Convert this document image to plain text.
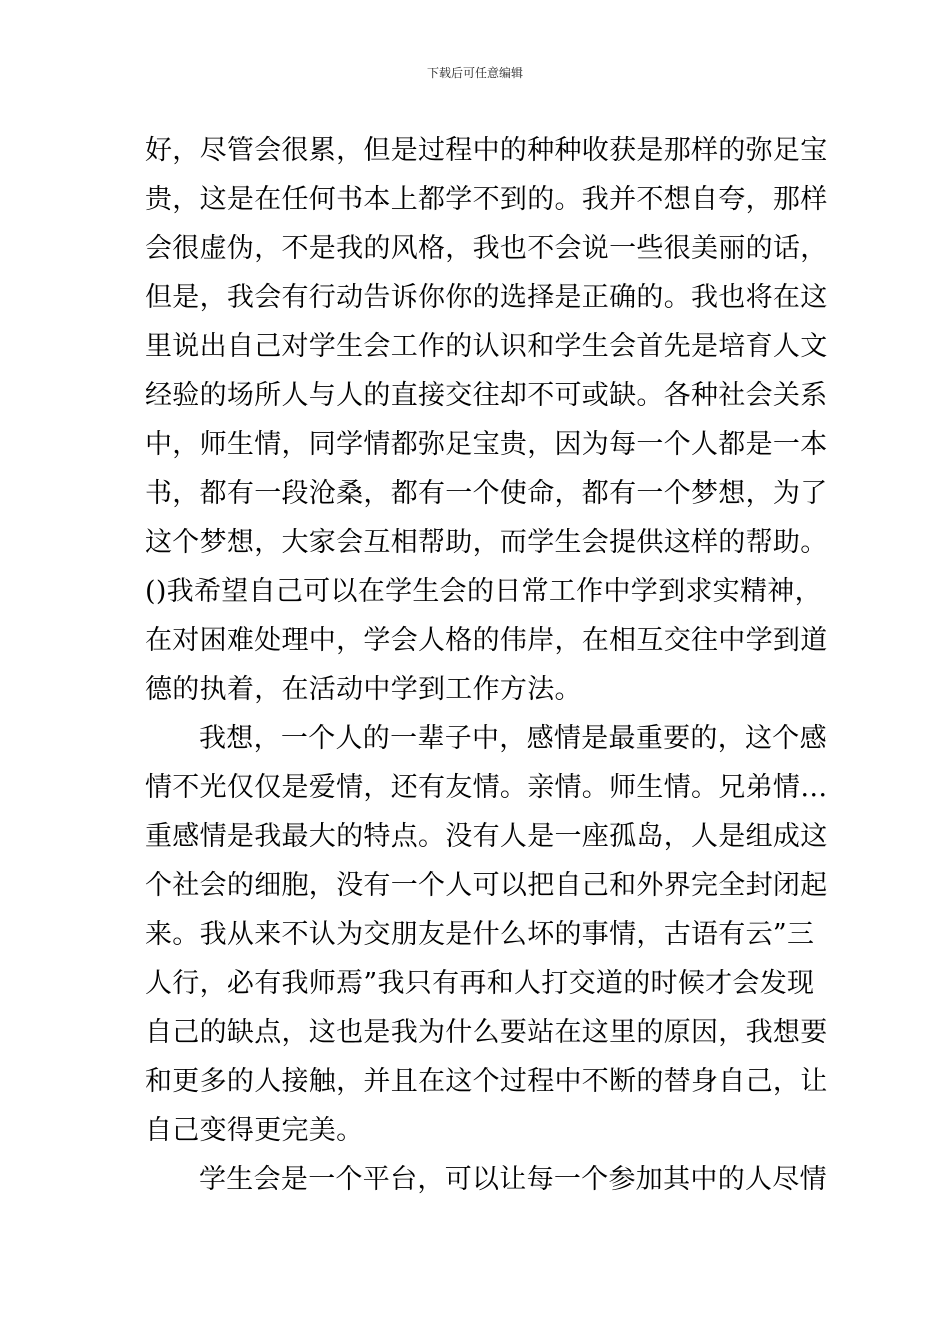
下载后可任意编辑
好，尽管会很累，但是过程中的种种收获是那样的弥足宝
贵，这是在任何书本上都学不到的。我并不想自夸，那样
会很虚伪，不是我的风格，我也不会说一些很美丽的话，
但是，我会有行动告诉你你的选择是正确的。我也将在这
里说出自己对学生会工作的认识和学生会首先是培育人文
经验的场所人与人的直接交往却不可或缺。各种社会关系
中，师生情，同学情都弥足宝贵，因为每一个人都是一本
书，都有一段沧桑，都有一个使命，都有一个梦想，为了
这个梦想，大家会互相帮助，而学生会提供这样的帮助。
()我希望自己可以在学生会的日常工作中学到求实精神，
在对困难处理中，学会人格的伟岸，在相互交往中学到道
德的执着，在活动中学到工作方法。
我想，一个人的一辈子中，感情是最重要的，这个感
情不光仅仅是爱情，还有友情。亲情。师生情。兄弟情…
重感情是我最大的特点。没有人是一座孤岛，人是组成这
个社会的细胞，没有一个人可以把自己和外界完全封闭起
来。我从来不认为交朋友是什么坏的事情，古语有云”三
人行，必有我师焉”我只有再和人打交道的时候才会发现
自己的缺点，这也是我为什么要站在这里的原因，我想要
和更多的人接触，并且在这个过程中不断的替身自己，让
自己变得更完美。
学生会是一个平台，可以让每一个参加其中的人尽情
